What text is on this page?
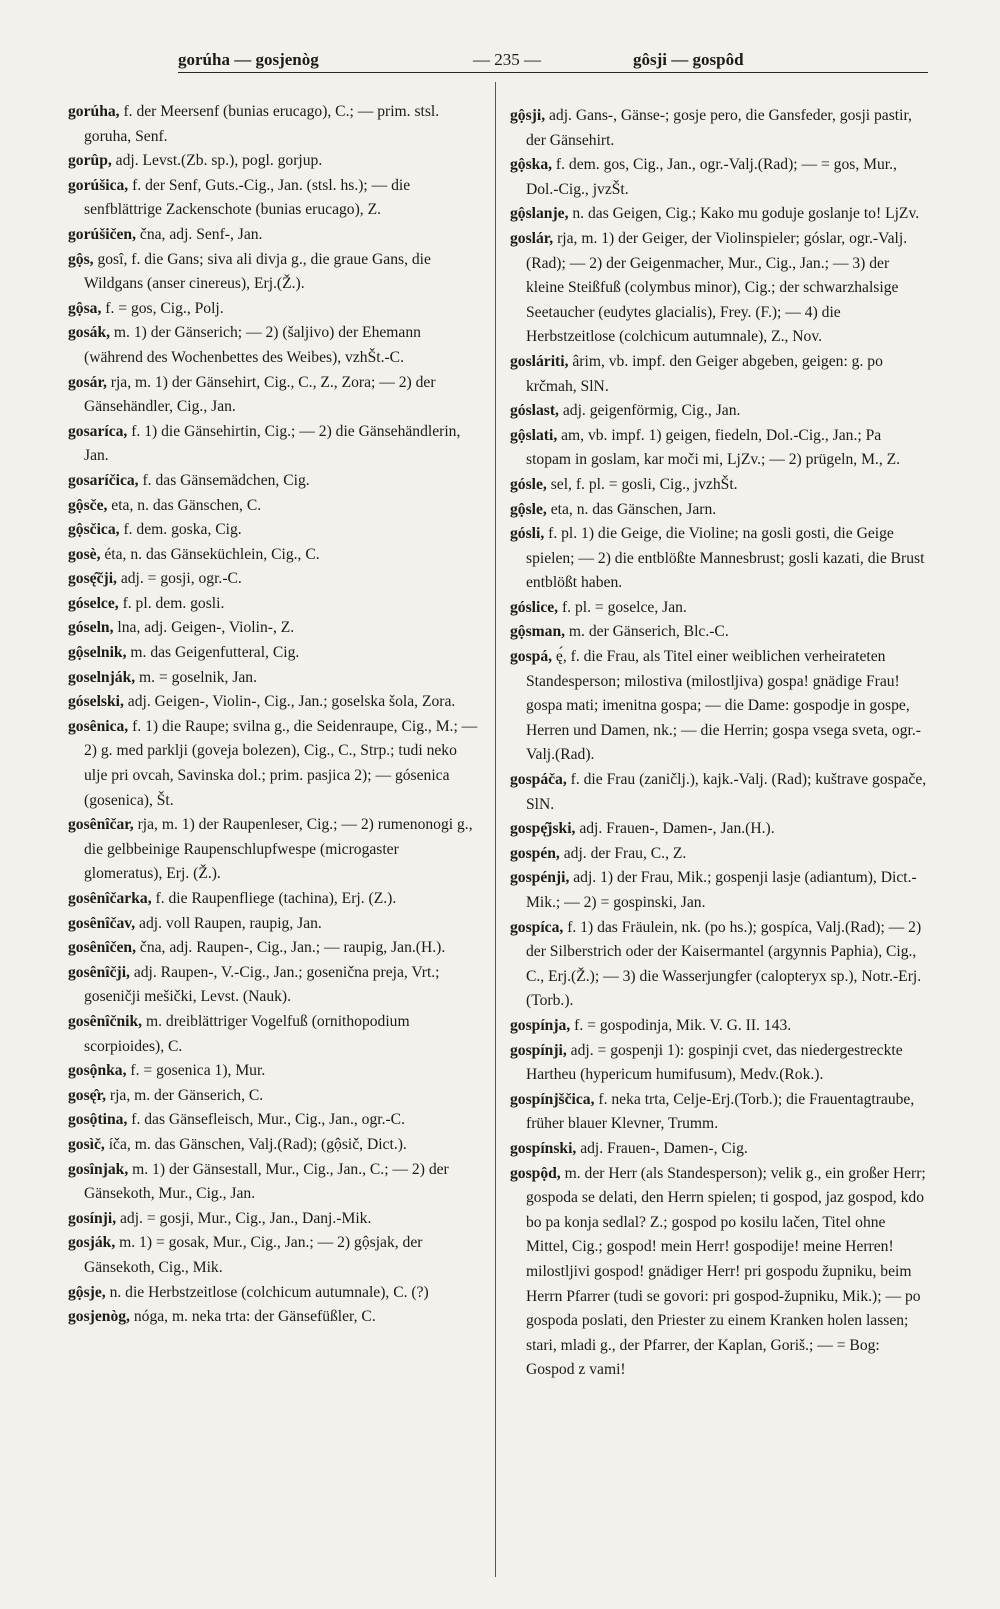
gorúha — gosjenòg	— 235 —	gôsji — gospôd

gorúha, f. der Meersenf (bunias erucago), C.; — prim. stsl. goruha, Senf.

gorûp, adj. Levst.(Zb. sp.), pogl. gorjup.

gorúšica, f. der Senf, Guts.-Cig., Jan. (stsl. hs.); — die senfblättrige Zackenschote (bunias erucago), Z.

gorúšičen, čna, adj. Senf-, Jan.

gộs, gosî, f. die Gans; siva ali divja g., die graue Gans, die Wildgans (anser cinereus), Erj.(Ž.).

gộsa, f. = gos, Cig., Polj.

gosák, m. 1) der Gänserich; — 2) (šaljivo) der Ehemann (während des Wochenbettes des Weibes), vzhŠt.-C.

gosár, rja, m. 1) der Gänsehirt, Cig., C., Z., Zora; — 2) der Gänsehändler, Cig., Jan.

gosaríca, f. 1) die Gänsehirtin, Cig.; — 2) die Gänsehändlerin, Jan.

gosaríčica, f. das Gänsemädchen, Cig.

gộsče, eta, n. das Gänschen, C.

gộsčica, f. dem. goska, Cig.

gosè, éta, n. das Gänseküchlein, Cig., C.

gosę̂čji, adj. = gosji, ogr.-C.

góselce, f. pl. dem. gosli.

góseln, lna, adj. Geigen-, Violin-, Z.

gộselnik, m. das Geigenfutteral, Cig.

goselnják, m. = goselnik, Jan.

góselski, adj. Geigen-, Violin-, Cig., Jan.; goselska šola, Zora.

gosênica, f. 1) die Raupe; svilna g., die Seidenraupe, Cig., M.; — 2) g. med parklji (goveja bolezen), Cig., C., Strp.; tudi neko ulje pri ovcah, Savinska dol.; prim. pasjica 2); — gósenica (gosenica), Št.

gosênîčar, rja, m. 1) der Raupenleser, Cig.; — 2) rumenonogi g., die gelbbeinige Raupenschlupfwespe (microgaster glomeratus), Erj. (Ž.).

gosênîčarka, f. die Raupenfliege (tachina), Erj. (Z.).

gosênîčav, adj. voll Raupen, raupig, Jan.

gosênîčen, čna, adj. Raupen-, Cig., Jan.; — raupig, Jan.(H.).

gosênîčji, adj. Raupen-, V.-Cig., Jan.; gosenična preja, Vrt.; goseničji mešički, Levst. (Nauk).

gosênîčnik, m. dreiblättriger Vogelfuß (ornithopodium scorpioides), C.

gosộnka, f. = gosenica 1), Mur.

gosę̂r, rja, m. der Gänserich, C.

gosộtina, f. das Gänsefleisch, Mur., Cig., Jan., ogr.-C.

gosìč, íča, m. das Gänschen, Valj.(Rad); (gộsič, Dict.).

gosînjak, m. 1) der Gänsestall, Mur., Cig., Jan., C.; — 2) der Gänsekoth, Mur., Cig., Jan.

gosínji, adj. = gosji, Mur., Cig., Jan., Danj.-Mik.

gosják, m. 1) = gosak, Mur., Cig., Jan.; — 2) gộsjak, der Gänsekoth, Cig., Mik.

gộsje, n. die Herbstzeitlose (colchicum autumnale), C. (?)

gosjenòg, nóga, m. neka trta: der Gänsefüßler, C.

gộsji, adj. Gans-, Gänse-; gosje pero, die Gansfeder, gosji pastir, der Gänsehirt.

gộska, f. dem. gos, Cig., Jan., ogr.-Valj.(Rad); — = gos, Mur., Dol.-Cig., jvzŠt.

gộslanje, n. das Geigen, Cig.; Kako mu goduje goslanje to! LjZv.

goslár, rja, m. 1) der Geiger, der Violinspieler; góslar, ogr.-Valj.(Rad); — 2) der Geigenmacher, Mur., Cig., Jan.; — 3) der kleine Steißfuß (colymbus minor), Cig.; der schwarzhalsige Seetaucher (eudytes glacialis), Frey. (F.); — 4) die Herbstzeitlose (colchicum autumnale), Z., Nov.

gosláriti, ârim, vb. impf. den Geiger abgeben, geigen: g. po krčmah, SlN.

góslast, adj. geigenförmig, Cig., Jan.

gộslati, am, vb. impf. 1) geigen, fiedeln, Dol.-Cig., Jan.; Pa stopam in goslam, kar moči mi, LjZv.; — 2) prügeln, M., Z.

gósle, sel, f. pl. = gosli, Cig., jvzhŠt.

gộsle, eta, n. das Gänschen, Jarn.

gósli, f. pl. 1) die Geige, die Violine; na gosli gosti, die Geige spielen; — 2) die entblößte Mannesbrust; gosli kazati, die Brust entblößt haben.

góslice, f. pl. = goselce, Jan.

gộsman, m. der Gänserich, Blc.-C.

gospá, ę́, f. die Frau, als Titel einer weiblichen verheirateten Standesperson; milostiva (milostljiva) gospa! gnädige Frau! gospa mati; imenitna gospa; — die Dame: gospodje in gospe, Herren und Damen, nk.; — die Herrin; gospa vsega sveta, ogr.-Valj.(Rad).

gospáča, f. die Frau (zaničlj.), kajk.-Valj. (Rad); kuštrave gospače, SlN.

gospę̂jski, adj. Frauen-, Damen-, Jan.(H.).

gospén, adj. der Frau, C., Z.

gospénji, adj. 1) der Frau, Mik.; gospenji lasje (adiantum), Dict.-Mik.; — 2) = gospinski, Jan.

gospíca, f. 1) das Fräulein, nk. (po hs.); gospíca, Valj.(Rad); — 2) der Silberstrich oder der Kaisermantel (argynnis Paphia), Cig., C., Erj.(Ž.); — 3) die Wasserjungfer (calopteryx sp.), Notr.-Erj.(Torb.).

gospínja, f. = gospodinja, Mik. V. G. II. 143.

gospínji, adj. = gospenji 1): gospinji cvet, das niedergestreckte Hartheu (hypericum humifusum), Medv.(Rok.).

gospínjščica, f. neka trta, Celje-Erj.(Torb.); die Frauentagtraube, früher blauer Klevner, Trumm.

gospínski, adj. Frauen-, Damen-, Cig.

gospộd, m. der Herr (als Standesperson); velik g., ein großer Herr; gospoda se delati, den Herrn spielen; ti gospod, jaz gospod, kdo bo pa konja sedlal? Z.; gospod po kosilu lačen, Titel ohne Mittel, Cig.; gospod! mein Herr! gospodije! meine Herren! milostljivi gospod! gnädiger Herr! pri gospodu župniku, beim Herrn Pfarrer (tudi se govori: pri gospod-župniku, Mik.); — po gospoda poslati, den Priester zu einem Kranken holen lassen; stari, mladi g., der Pfarrer, der Kaplan, Goriš.; — = Bog: Gospod z vami!
